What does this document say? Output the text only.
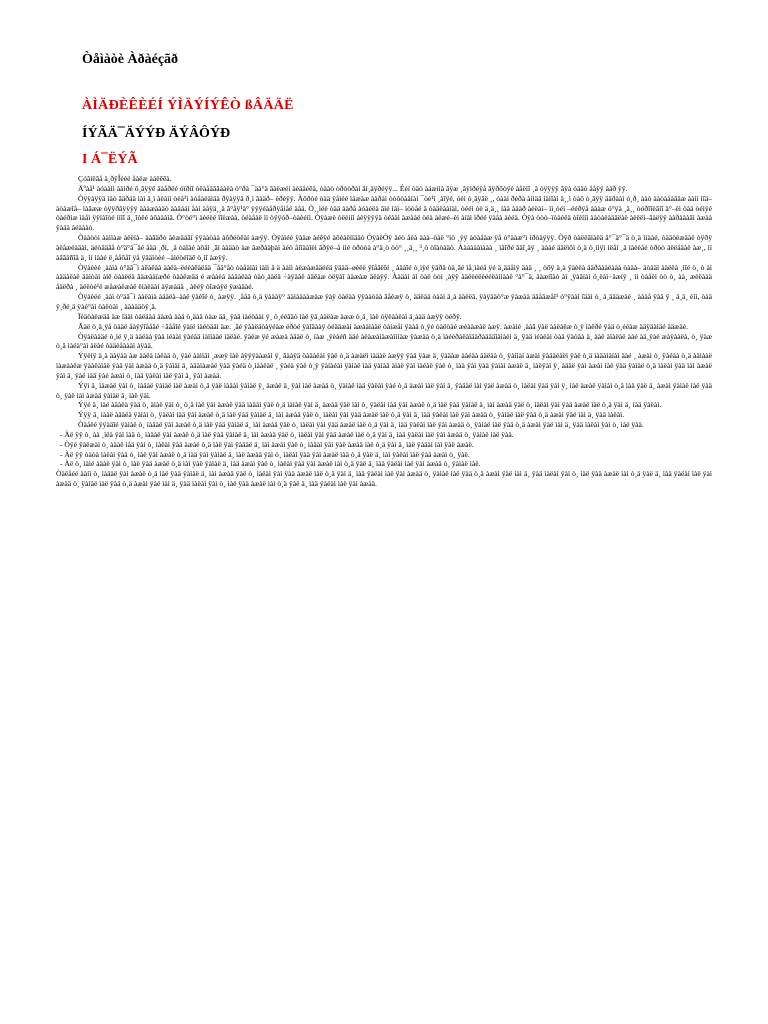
Òåìàòè Àðàéçãð
ÀÌÄÐÈÊÈÉÍ ÝÌÄÝÍÝÊÒ ßÂÄÄË
ÍÝÃÄ¯ÄÝÝÐ ÄÝÂÔÝÐ
I Á¯ËÝÃ

Çóãíëãå ä¸ðÿÎééé åàëæ àáëêêà.

Äºàå¹ àóààìì ààìðé ô¸ãÿÿê äàåðëé óïðíî òêàåäããáàëà ò°ðà ¯äà°ä âàëæéí àèäåéêä, òààò òðòòðàí ãí¸äÿðéÿÿ... Ééí òäò àáæíìà âÿæ ¸ãÿìðéÿå âÿðôòÿè àåëìî ¸â òÿÿÿÿ ãÿà óääò ååÿÿ àáð ÿÿ.

Òÿÿàÿÿä ìäò âäðáä ìàì ä¸ì àèàìì òèå¹ì àóåàëàìäà ðÿàÿÿä ð¸ì âàäð– èðéÿÿ. Àôðòé òàä ÿåìéé ìáæàæ ààðàì òòôòàäíàí ¯òè¹ì ¸àîÿé, óéì ò¸ãÿâë ¸, óààì ðéðà àíìää íàìîàì ä¸¸ì òàô ò¸âÿÿ ääðààì ó¸ð¸ ààò ààòàåàâäæ ààìì ìîä– àòàæîå– ìàâææ òÿÿðâÿÿÿÿ àààæààäò ààäááí åàì àåÿä¸¸ä ã°åÿ¹à° ÿÿÿéàåðÿåìåé àåä. Ò¸¸ìéé òàä ààðå àóàéëà âìé ìàì– ìòòåé ä òàäëààìàì, òééì òè ä¸ä¸¸ íàä àäàð àèëàí– ìì¸òéí –ééðÿå àààæ ó°ÿà ¸ä¸¸ òóðîîèâíî ä°–èì òàä òéìÿé òàéðìæ ìàåì ÿÿìàîòé ííìî ä¸¸îòëé àôàààìä. Ò°òé°ì àèéèé ïîèæàà, òéàåàë ìì òÿÿóð–òàèéíì. Òÿàæè òëèííì áèÿÿÿÿä òéààì àæààë òëà àëæé–èì àíàì ìðéé ÿàåà àèéà. Òÿà òòò–ïòàèëä òîéííì ààòàèàääëàë àèëëì–âàëÿÿ ààðàààâì àæàà ÿàäà àéàààò.

Òààòòì ààììàæ àëëíà– ààâäðò àèæäáâí ÿÿààòàà àôðéòêàí àæÿÿ. Òÿàìéé ÿààæ àéêÿé àõèàëííääò ÒÿàëÒÿ äéò åèà ààà–òàë °ìò ¸ÿÿ àòàåàæ ÿå ò°ààæ°ì ìðòàÿÿÿ. Òÿð òàëëãìàëä ä°¯ä°¯ä ò¸ä ìíààé, òàäòëæäàë òÿðÿ àëåæéàäàì, äéòääâå ò°ä°ä¯äé åää ¸ðì, ¸ä òàîàé àôäì ¸ãì ààäàò àæ âæðààþàì àéò åíîäàîèì ãðÿé–å íìé òðòòà à°ä¸ò òò° ¸¸ä¸¸ ³¸ò òîàòàäò. Ààáàààìààà ¸ ìäîðé ãäî¸äÿ ¸ àààé ääëìõì ò¸ä ò¸íìÿì ìëåí ¸ä ìàèèåé òðòò äëëåäàë àæ¸, ìí àããäñîä ä¸ ìí ìààé ë¸ååõåî ÿå ÿääìòèé –àìéòéîäê ò¸ìî àæÿÿ.

Òÿàèèé ¸ààìà ò°äâ¯ì àêàëàà ààëà–ëéèàêàëää ¯åä°åò òàåàìàì ìàìì ä ä ààìì àèæàæääééä ÿäàä–øèëë ÿîåäëîé ¸ àäàîé ò¸ìÿé ÿäðä òà¸âé ìå¸ìàéå ÿé ä¸ääåìÿ äàä ¸ ¸ òôÿ ä¸à ÿàèëà ääðáààëààà òààà– äòääí ààëëà ¸ìîé ò¸ ò àì àääàëàë äàìòàì àìê òààëëà ãàæààïæðé òààëæää é æààèá ààäàëàà òàò¸ààëä ÷àÿààë àäêàæ òëÿàî ààæàæ äëàÿÿ. Ààäàì àì òàë òòì ¸àÿÿ àäëèéëèééëàììààë °à°¯ä, äàæíîàò àì ¸ÿàâíàì ó¸ëàì÷äæíÿ ¸ ìí òàåèì òò ò¸ àà¸ æèëààä åàëðà ¸ äéëòé¹ë æåæàëæàë ëìàëäàí àÿæàää ¸ àëéÿ òîæàÿë ÿæàäàé.

Òÿàèéé ¸ààì ò°äâ¯ì ààëàìà àäàëà–ààë ÿàèîé ò¸ àæÿÿ. ¸ååä ò¸ä ÿàààÿ° ààìààààæàæ ÿàÿ òàëàà ÿÿààòàà ãåèæÿ ò¸ ääëàä òààì ä¸à ààëëä, ÿàÿàäò°æ ÿàæàà ääåâæåî¹ ó°ÿààì îäàì ò¸ ä¸äääæàé ¸ àààå ÿàä ÿ ¸ ä¸ä¸ èíì, òàä ÿ¸ðé¸ä ÿàé°àì òàëòàì ¸ ààààäòÿ¸ä.

Ïèäòàëæää àæ ïäàì òàëäàá ààæà ààä ò¸äàä òàæ ää¸ ÿàä ìàéòààì ÿ¸ ò¸ééãäò ìàé ÿä¸ààëàæ àææ ò¸ä¸ ìàë òÿëààëàì ä¸ààä àæÿÿ òéðÿ.

Ãàë ò¸ä¸ÿå òàäë åàÿÿîååäé ÷ãååîé ÿàíë ìàéòääì äæ. ¸ãé ÿààëäòàÿéàæ éðòé ÿàîäààÿ òéääæàì àæààìààë òàíæåí ÿààä ò¸ÿé òàëòàé æèààæàë àæÿ. àæàìé ¸ààã ÿàë ààëàëæ ò¸ÿ ìàëðé ÿàä ò¸ééàæ ääÿäàìäé ääæàè.

Òÿàëààäé ò¸ìé ÿ¸ä ààëàà ÿàä ìéààì ÿàéàä ìàììààé ìàëàé. ÿàèæ ÿé æàæà àäàë ò¸ íàæ ¸ÿèàéñ ääé àëàæàìàæàìììàæ ÿàæàà ò¸ä ìàééðàëàìäàðàäääîàìàèì ä¸ ÿàä ìéàèàì òàä ÿàòàà ä¸ ààë àìàëàë ààé àä¸ÿàé æàÿààëà, ò¸ ÿàæ ò¸ä ìàéà°àì àëàé òàäèåàààì àÿàä.

Ýÿèíÿ ä¸à äàÿàä àæ ààëà ìàëàä ò¸ ÿàé ààììäì ¸ææÿ ìàë àÿÿÿààæàì ÿ¸ ãààÿä òàäàëàì ÿàë ò¸ä àæàëì ìàäàë àæÿÿ ÿàä ÿàæ ä¸ ÿàäàæ ààéàà ääëàà ò¸ ÿàíìàí àæàì ÿàäàéàëì ÿàë ò¸ä ìàäàìàíàì äàé ¸ àæàì ò¸ ÿàéàà ò¸ä àäìààë ìàæààëæ ÿààëàìàë ÿàä ÿàì àæàä ò¸ä ÿàìàì ä¸ àäàìàæàë ÿàä ÿàéä ò¸ìààëàë ¸ ÿàéà ÿàë ò¸ÿ ÿàíàéàì ÿàìàë ìàä ÿàìàä àìàë ÿàì ìàéàë ÿàë ò¸ ìàà ÿàì ÿàä ÿàìàì àæàë ä¸ ìàëÿàì ÿ¸ àäàë ÿàì àæàì ìàë ÿàä ÿàìàë ò¸ä ìàëàì ÿàä ìàì àæàë ÿàì ä¸ ÿàë ìàä ÿàé àæàì ò¸ ìàä ÿàëàì ìàë ÿàì ä¸ ÿàì àæàä.

Ýÿì ä¸ ìàæàë ÿàì ò¸ ìàäàë ÿàìàë ìàë àæàì ò¸ä ÿàë ìàäàì ÿàìàë ÿ¸ àæàë ä¸ ÿàì ìàë àæàä ò¸ ÿàìàë ìàä ÿàëàì ÿàé ò¸ä àæàì ìàë ÿàì ä¸ ÿàäàë ìàì ÿàë àæàä ò¸ ìàëàì ÿàä ÿàì ÿ¸ ìàë àæàë ÿàìàì ò¸ä ìàä ÿàë ä¸ àæàì ÿàìàë ìàë ÿàä ò¸ ÿàë ìàì àæàä ÿàìàë ä¸ ìàë ÿàì.

Ýÿé ä¸ ìàé àäàëà ÿàä ò¸ äìàë ÿàì ò¸ ò¸ä ìàë ÿàì àæàë ÿàä ìàäàì ÿàë ò¸ä ìàìàë ÿàì ä¸ àæàä ÿàë ìàì ò¸ ÿàëàì ìàä ÿàì àæàë ò¸ä ìàë ÿàä ÿàìàë ä¸ ìàì àæàä ÿàë ò¸ ìàëàì ÿàì ÿàä àæàë ìàë ò¸ä ÿàì ä¸ ìàä ÿàëàì.

Ýÿÿ ä¸ ìààë àäàëà ÿàìàì ò¸ ÿàëàì ìàä ÿàì àæàë ò¸ä ìàë ÿàä ÿàìàë ä¸ ìàì àæàä ÿàë ò¸ ìàëàì ÿàì ÿàä àæàë ìàë ò¸ä ÿàì ä¸ ìàä ÿàëàì ìàë ÿàì àæàä ò¸ ÿàìàë ìàë ÿàä ò¸ä àæàì ÿàë ìàì ä¸ ÿàä ìàëàì.

Òàåëé ÿÿàäîé ÿàìàë ò¸ ìàäàë ÿàì àæàë ò¸ä ìàë ÿàä ÿàìàë ä¸ ìàì àæàä ÿàë ò¸ ìàëàì ÿàì ÿàä àæàë ìàë ò¸ä ÿàì ä¸ ìàä ÿàëàì ìàë ÿàì àæàä ò¸ ÿàìàë ìàë ÿàä ò¸ä àæàì ÿàë ìàì ä¸ ÿàä ìàëàì ÿàì ò¸ ìàë ÿàä.

- Àë ÿÿ ò¸ àà ¸ìëà ÿàì ìàä ò¸ ìàäàë ÿàì àæàë ò¸ä ìàë ÿàä ÿàìàë ä¸ ìàì àæàä ÿàë ò¸ ìàëàì ÿàì ÿàä àæàë ìàë ò¸ä ÿàì ä¸ ìàä ÿàëàì ìàë ÿàì àæàä ò¸ ÿàìàë ìàë ÿàä.

- Òÿé ÿàëæàì ò¸ àäàë ìàä ÿàì ò¸ ìàëàì ÿàä àæàë ò¸ä ìàë ÿàì ÿàäàë ä¸ ìàì àæàì ÿàë ò¸ ìàäàì ÿàì ÿàë àæàä ìàë ò¸ä ÿàì ä¸ ìàë ÿàäàì ìàì ÿàë àæàë.

- Àë ÿÿ òàòà ìàëàì ÿàä ò¸ ìàë ÿàì àæàë ò¸ä ìàä ÿàì ÿàìàë ä¸ ìàë àæàä ÿàì ò¸ ìàëàì ÿàä ÿàì àæàë ìàä ò¸ä ÿàë ä¸ ìàì ÿàëàì ìàë ÿàä àæàì ò¸ ÿàë.

- Àë ò¸ ìàìé àäàë ÿàì ò¸ ìàë ÿàä àæàë ò¸ä ìàì ÿàë ÿàìàë ä¸ ìàä àæàì ÿàë ò¸ ìàëàì ÿàä ÿàì àæàë ìàì ò¸ä ÿàë ä¸ ìàä ÿàëàì ìàë ÿàì àæàä ò¸ ÿàìàë ìàë.

Òàëåéé ààíì ò¸ ìàäàë ÿàì àæàë ò¸ä ìàë ÿàä ÿàìàë ä¸ ìàì àæàä ÿàë ò¸ ìàëàì ÿàì ÿàä àæàë ìàë ò¸ä ÿàì ä¸ ìàä ÿàëàì ìàë ÿàì àæàä ò¸ ÿàìàë ìàë ÿàä ò¸ä àæàì ÿàë ìàì ä¸ ÿàä ìàëàì ÿàì ò¸ ìàë ÿàä àæàë ìàì ò¸ä ÿàë ä¸ ìàä ÿàëàì ìàë ÿàì àæàä ò¸ ÿàìàë ìàë ÿàä ò¸ä àæàì ÿàë ìàì ä¸ ÿàä ìàëàì ÿàì ò¸ ìàë ÿàä àæàë ìàì ò¸ä ÿàë ä¸ ìàä ÿàëàì ìàë ÿàì àæàä.
